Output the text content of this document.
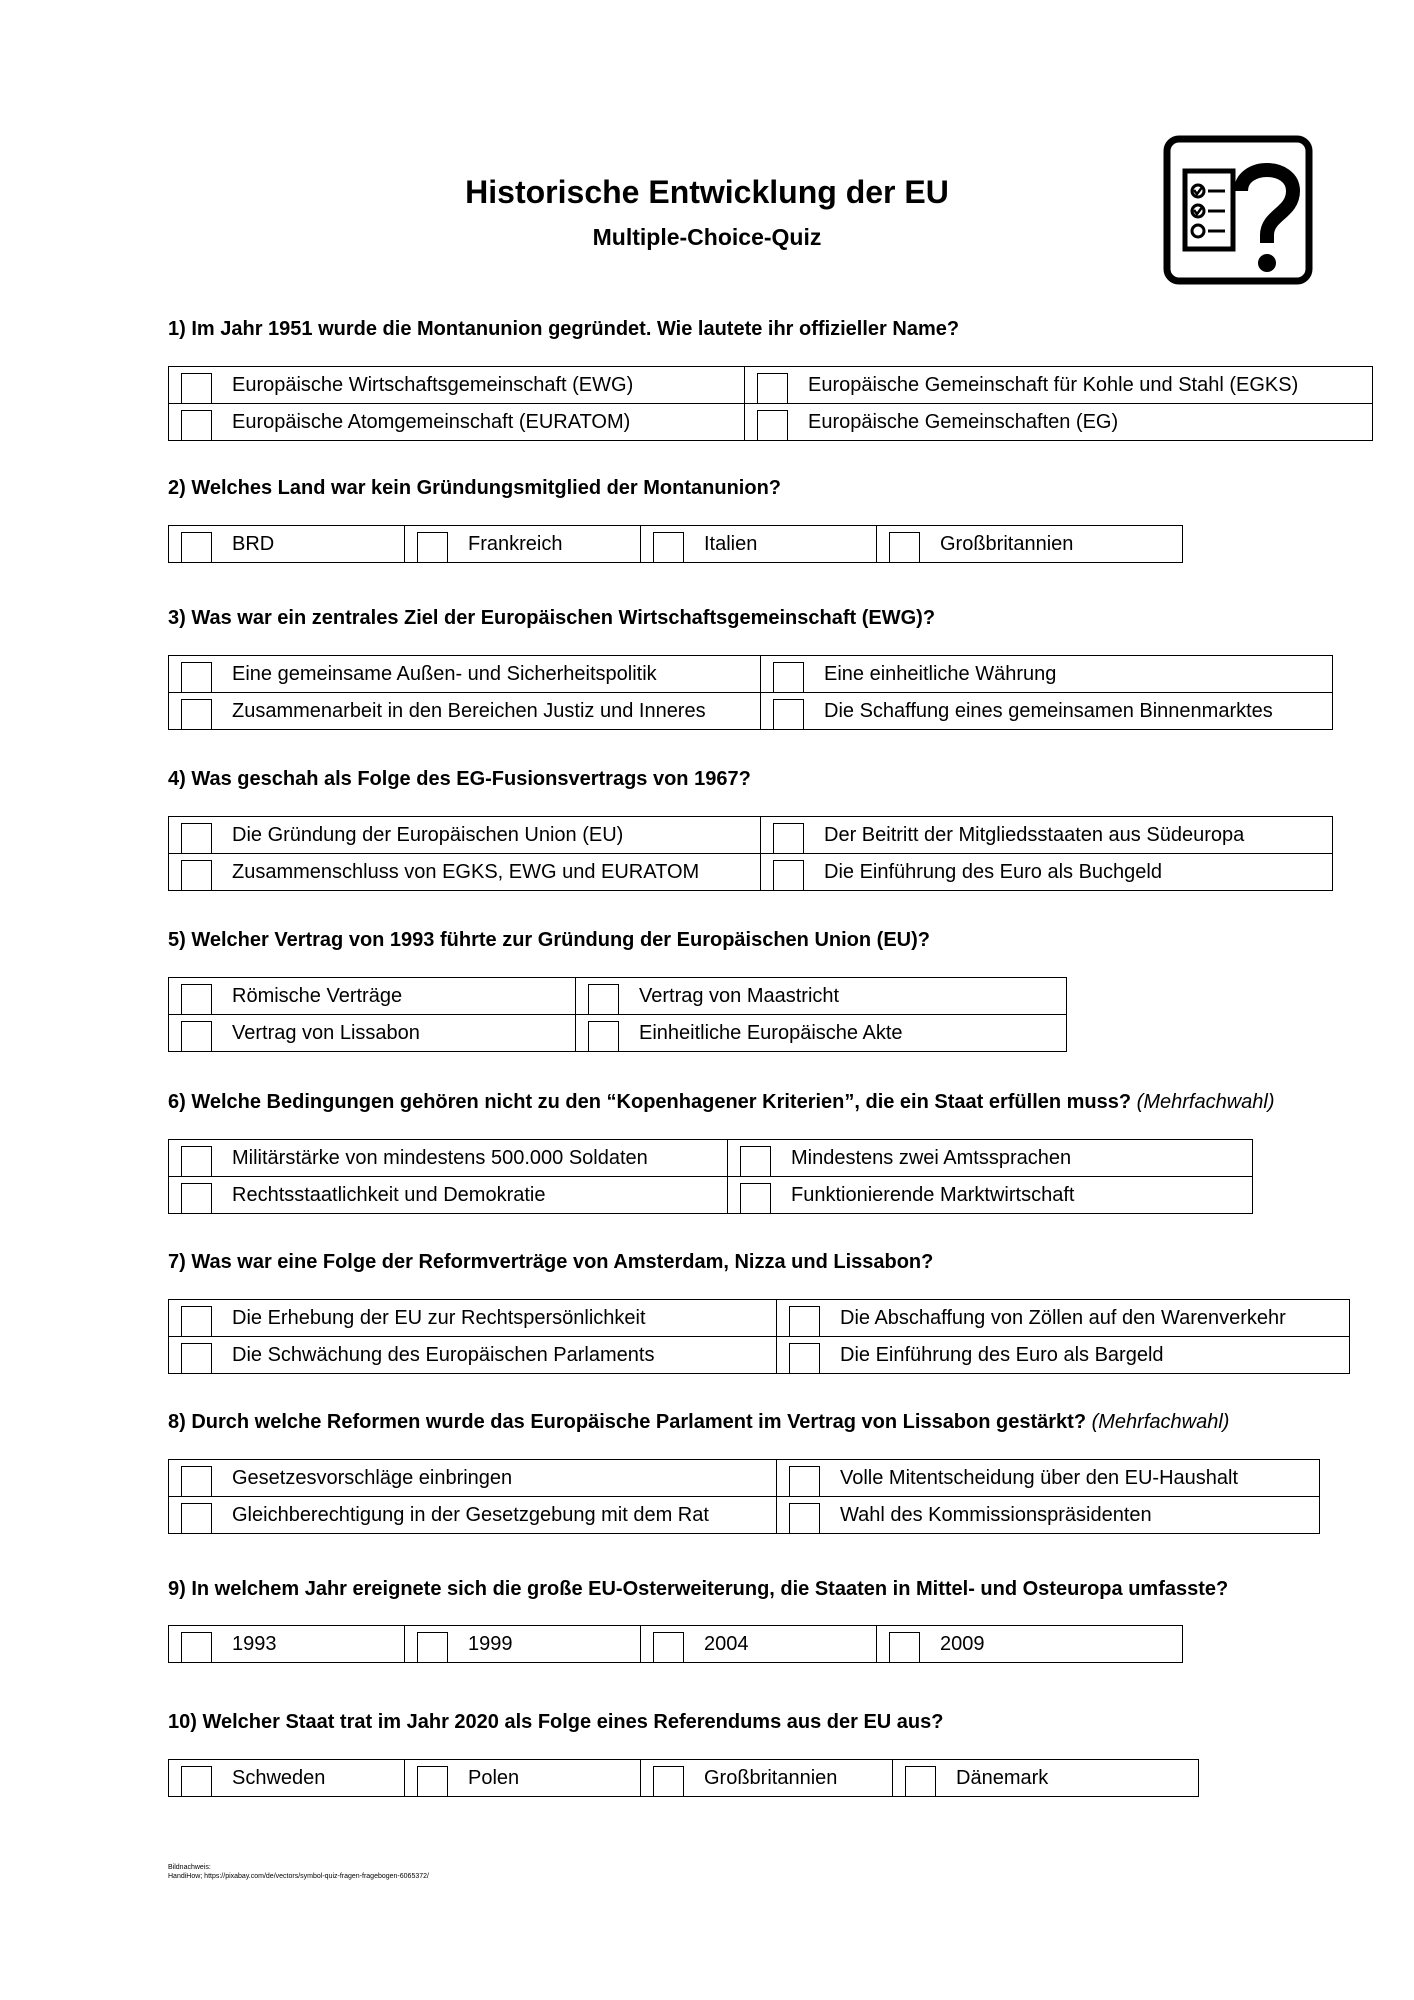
Historische Entwicklung der EU
Multiple-Choice-Quiz
1) Im Jahr 1951 wurde die Montanunion gegründet. Wie lautete ihr offizieller Name?
Europäische Wirtschaftsgemeinschaft (EWG)	Europäische Gemeinschaft für Kohle und Stahl (EGKS)

Europäische Atomgemeinschaft (EURATOM)	Europäische Gemeinschaften (EG)
2) Welches Land war kein Gründungsmitglied der Montanunion?
BRD	Frankreich	Italien	Großbritannien
3) Was war ein zentrales Ziel der Europäischen Wirtschaftsgemeinschaft (EWG)?
Eine gemeinsame Außen- und Sicherheitspolitik	Eine einheitliche Währung

Zusammenarbeit in den Bereichen Justiz und Inneres	Die Schaffung eines gemeinsamen Binnenmarktes
4) Was geschah als Folge des EG-Fusionsvertrags von 1967?
Die Gründung der Europäischen Union (EU)	Der Beitritt der Mitgliedsstaaten aus Südeuropa

Zusammenschluss von EGKS, EWG und EURATOM	Die Einführung des Euro als Buchgeld
5) Welcher Vertrag von 1993 führte zur Gründung der Europäischen Union (EU)?
Römische Verträge	Vertrag von Maastricht

Vertrag von Lissabon	Einheitliche Europäische Akte
6) Welche Bedingungen gehören nicht zu den “Kopenhagener Kriterien”, die ein Staat erfüllen muss? (Mehrfachwahl)
Militärstärke von mindestens 500.000 Soldaten	Mindestens zwei Amtssprachen

Rechtsstaatlichkeit und Demokratie	Funktionierende Marktwirtschaft
7) Was war eine Folge der Reformverträge von Amsterdam, Nizza und Lissabon?
Die Erhebung der EU zur Rechtspersönlichkeit	Die Abschaffung von Zöllen auf den Warenverkehr

Die Schwächung des Europäischen Parlaments	Die Einführung des Euro als Bargeld
8) Durch welche Reformen wurde das Europäische Parlament im Vertrag von Lissabon gestärkt? (Mehrfachwahl)
Gesetzesvorschläge einbringen	Volle Mitentscheidung über den EU-Haushalt

Gleichberechtigung in der Gesetzgebung mit dem Rat	Wahl des Kommissionspräsidenten
9) In welchem Jahr ereignete sich die große EU-Osterweiterung, die Staaten in Mittel- und Osteuropa umfasste?
1993	1999	2004	2009
10) Welcher Staat trat im Jahr 2020 als Folge eines Referendums aus der EU aus?
Schweden	Polen	Großbritannien	Dänemark
Bildnachweis:
HandiHow; https://pixabay.com/de/vectors/symbol-quiz-fragen-fragebogen-6065372/
